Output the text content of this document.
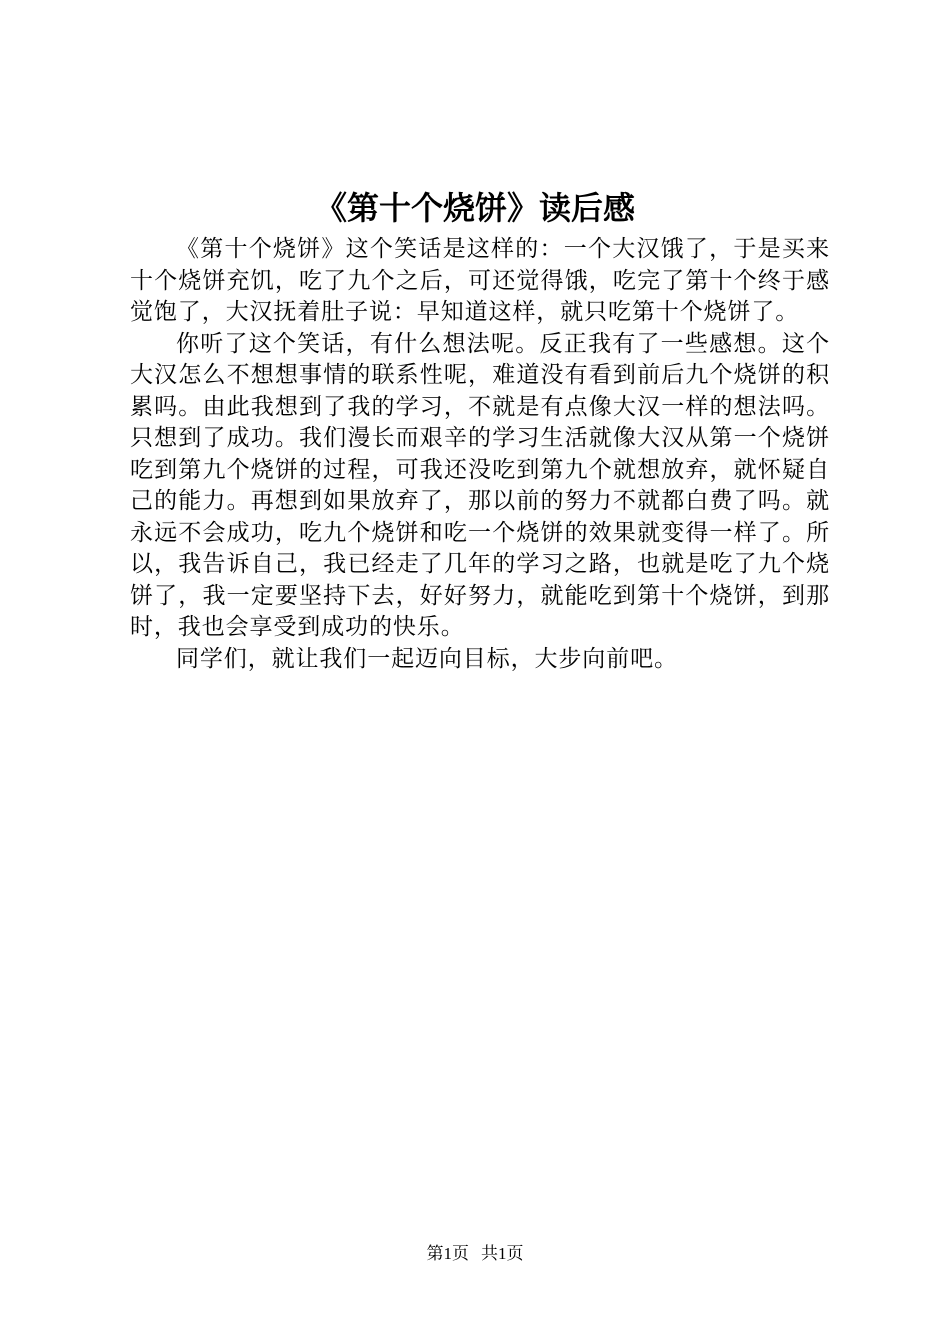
《第十个烧饼》读后感

《第十个烧饼》这个笑话是这样的：一个大汉饿了，于是买来十个烧饼充饥，吃了九个之后，可还觉得饿，吃完了第十个终于感觉饱了，大汉抚着肚子说：早知道这样，就只吃第十个烧饼了。

你听了这个笑话，有什么想法呢。反正我有了一些感想。这个大汉怎么不想想事情的联系性呢，难道没有看到前后九个烧饼的积累吗。由此我想到了我的学习，不就是有点像大汉一样的想法吗。只想到了成功。我们漫长而艰辛的学习生活就像大汉从第一个烧饼吃到第九个烧饼的过程，可我还没吃到第九个就想放弃，就怀疑自己的能力。再想到如果放弃了，那以前的努力不就都白费了吗。就永远不会成功，吃九个烧饼和吃一个烧饼的效果就变得一样了。所以，我告诉自己，我已经走了几年的学习之路，也就是吃了九个烧饼了，我一定要坚持下去，好好努力，就能吃到第十个烧饼，到那时，我也会享受到成功的快乐。

同学们，就让我们一起迈向目标，大步向前吧。

第1页 共1页
